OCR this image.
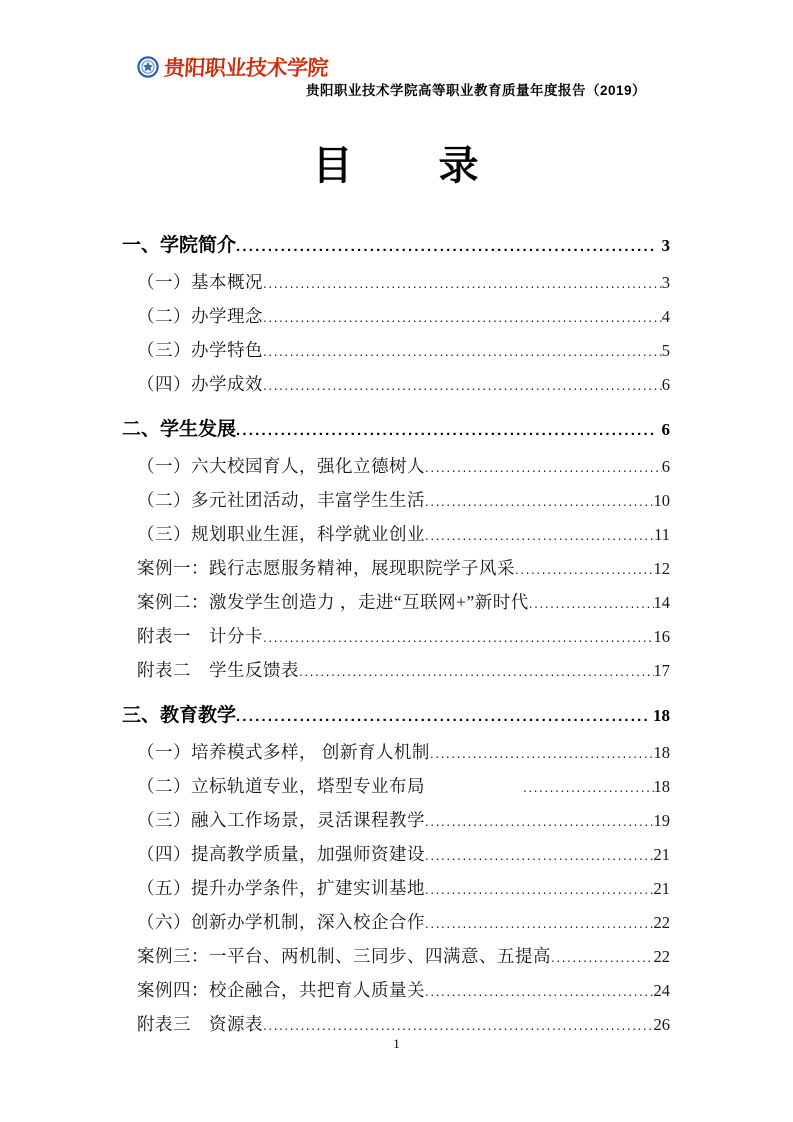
贵阳职业技术学院
贵阳职业技术学院高等职业教育质量年度报告（2019）
目　　录
一、学院简介 .....	3
（一）基本概况 .....	3
（二）办学理念 .....	4
（三）办学特色 .....	5
（四）办学成效 .....	6
二、学生发展 .....	6
（一）六大校园育人，强化立德树人 .....	6
（二）多元社团活动，丰富学生生活 .....	10
（三）规划职业生涯，科学就业创业 .....	11
案例一：践行志愿服务精神，展现职院学子风采 .....	12
案例二：激发学生创造力 ，走进“互联网+”新时代 .....	14
附表一　计分卡 .....	16
附表二　学生反馈表 .....	17
三、教育教学 .....	18
（一）培养模式多样， 创新育人机制 .....	18
（二）立标轨道专业，塔型专业布局 .....	18
（三）融入工作场景，灵活课程教学 .....	19
（四）提高教学质量，加强师资建设 .....	21
（五）提升办学条件，扩建实训基地 .....	21
（六）创新办学机制，深入校企合作 .....	22
案例三：一平台、两机制、三同步、四满意、五提高 .....	22
案例四：校企融合，共把育人质量关 .....	24
附表三　资源表 .....	26
1
